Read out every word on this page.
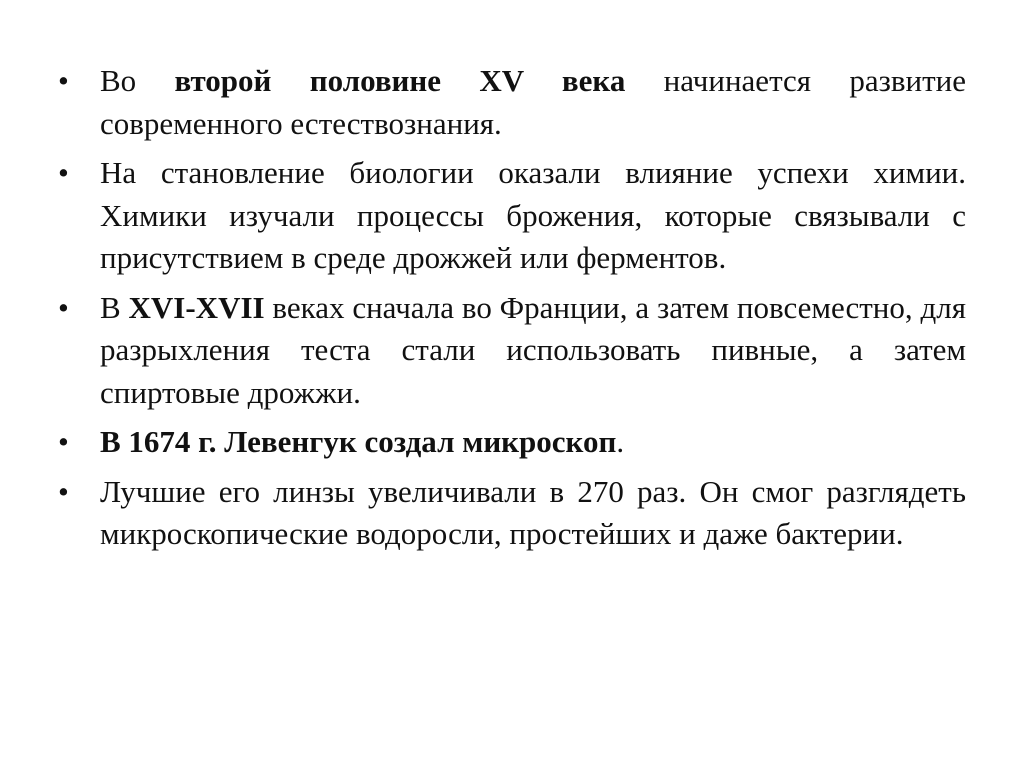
• Во второй половине XV века начинается развитие современного естествознания.
• На становление биологии оказали влияние успехи химии. Химики изучали процессы брожения, которые связывали с присутствием в среде дрожжей или ферментов.
• В XVI-XVII веках сначала во Франции, а затем повсеместно, для разрыхления теста стали использовать пивные, а затем спиртовые дрожжи.
• В 1674 г. Левенгук создал микроскоп.
• Лучшие его линзы увеличивали в 270 раз. Он смог разглядеть микроскопические водоросли, простейших и даже бактерии.
